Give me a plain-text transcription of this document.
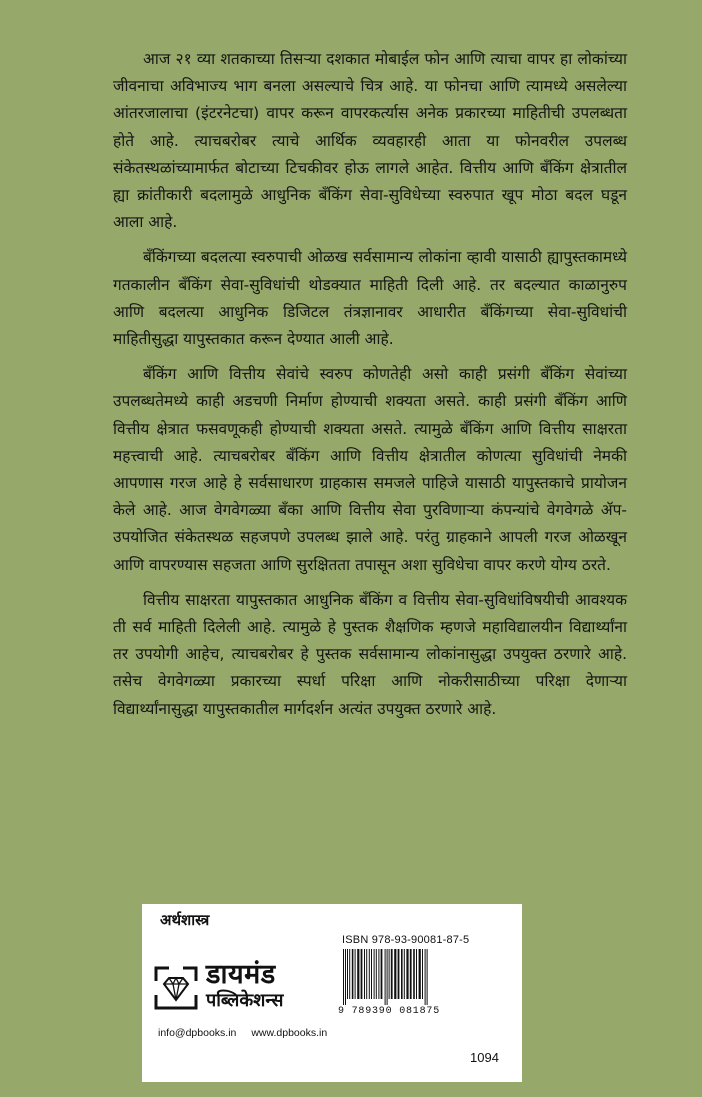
आज २१ व्या शतकाच्या तिसऱ्या दशकात मोबाईल फोन आणि त्याचा वापर हा लोकांच्या जीवनाचा अविभाज्य भाग बनला असल्याचे चित्र आहे. या फोनचा आणि त्यामध्ये असलेल्या आंतरजालाचा (इंटरनेटचा) वापर करून वापरकर्त्यास अनेक प्रकारच्या माहितीची उपलब्धता होते आहे. त्याचबरोबर त्याचे आर्थिक व्यवहारही आता या फोनवरील उपलब्ध संकेतस्थळांच्यामार्फत बोटाच्या टिचकीवर होऊ लागले आहेत. वित्तीय आणि बँकिंग क्षेत्रातील ह्या क्रांतीकारी बदलामुळे आधुनिक बँकिंग सेवा-सुविधेच्या स्वरुपात खूप मोठा बदल घडून आला आहे.

बँकिंगच्या बदलत्या स्वरुपाची ओळख सर्वसामान्य लोकांना व्हावी यासाठी ह्यापुस्तकामध्ये गतकालीन बँकिंग सेवा-सुविधांची थोडक्यात माहिती दिली आहे. तर बदल्यात काळानुरुप आणि बदलत्या आधुनिक डिजिटल तंत्रज्ञानावर आधारीत बँकिंगच्या सेवा-सुविधांची माहितीसुद्धा यापुस्तकात करून देण्यात आली आहे.

बँकिंग आणि वित्तीय सेवांचे स्वरुप कोणतेही असो काही प्रसंगी बँकिंग सेवांच्या उपलब्धतेमध्ये काही अडचणी निर्माण होण्याची शक्यता असते. काही प्रसंगी बँकिंग आणि वित्तीय क्षेत्रात फसवणूकही होण्याची शक्यता असते. त्यामुळे बँकिंग आणि वित्तीय साक्षरता महत्त्वाची आहे. त्याचबरोबर बँकिंग आणि वित्तीय क्षेत्रातील कोणत्या सुविधांची नेमकी आपणास गरज आहे हे सर्वसाधारण ग्राहकास समजले पाहिजे यासाठी यापुस्तकाचे प्रायोजन केले आहे. आज वेगवेगळ्या बँका आणि वित्तीय सेवा पुरविणाऱ्या कंपन्यांचे वेगवेगळे ॲप-उपयोजित संकेतस्थळ सहजपणे उपलब्ध झाले आहे. परंतु ग्राहकाने आपली गरज ओळखून आणि वापरण्यास सहजता आणि सुरक्षितता तपासून अशा सुविधेचा वापर करणे योग्य ठरते.

वित्तीय साक्षरता यापुस्तकात आधुनिक बँकिंग व वित्तीय सेवा-सुविधांविषयीची आवश्यक ती सर्व माहिती दिलेली आहे. त्यामुळे हे पुस्तक शैक्षणिक म्हणजे महाविद्यालयीन विद्यार्थ्यांना तर उपयोगी आहेच, त्याचबरोबर हे पुस्तक सर्वसामान्य लोकांनासुद्धा उपयुक्त ठरणारे आहे. तसेच वेगवेगळ्या प्रकारच्या स्पर्धा परिक्षा आणि नोकरीसाठीच्या परिक्षा देणाऱ्या विद्यार्थ्यांनासुद्धा यापुस्तकातील मार्गदर्शन अत्यंत उपयुक्त ठरणारे आहे.

अर्थशास्त्र
ISBN 978-93-90081-87-5
9 789390 081875
डायमंड
पब्लिकेशन्स
info@dpbooks.in www.dpbooks.in
1094
